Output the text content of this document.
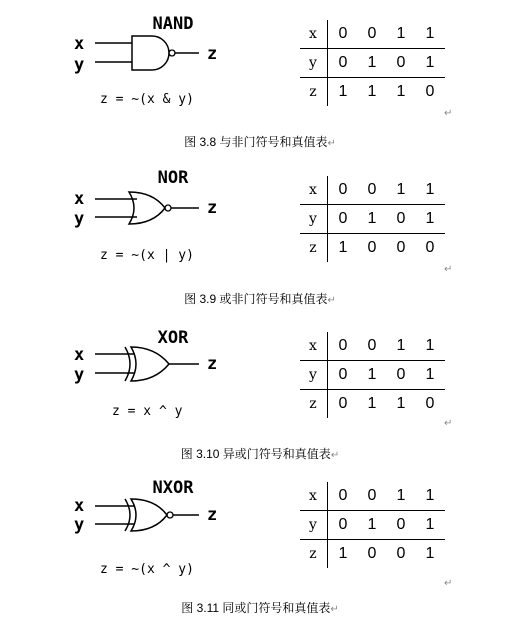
NAND
x
y
z
z = ~(x & y)
x	0	0	1	1
y	0	1	0	1
z	1	1	1	0
↵
图 3.8 与非门符号和真值表↵
NOR
x
y
z
z = ~(x | y)
x	0	0	1	1
y	0	1	0	1
z	1	0	0	0
↵
图 3.9 或非门符号和真值表↵
XOR
x
y
z
z = x ^ y
x	0	0	1	1
y	0	1	0	1
z	0	1	1	0
↵
图 3.10 异或门符号和真值表↵
NXOR
x
y	z
z = ~(x ^ y)
x	0	0	1	1
y	0	1	0	1
z	1	0	0	1
↵
图 3.11 同或门符号和真值表↵
